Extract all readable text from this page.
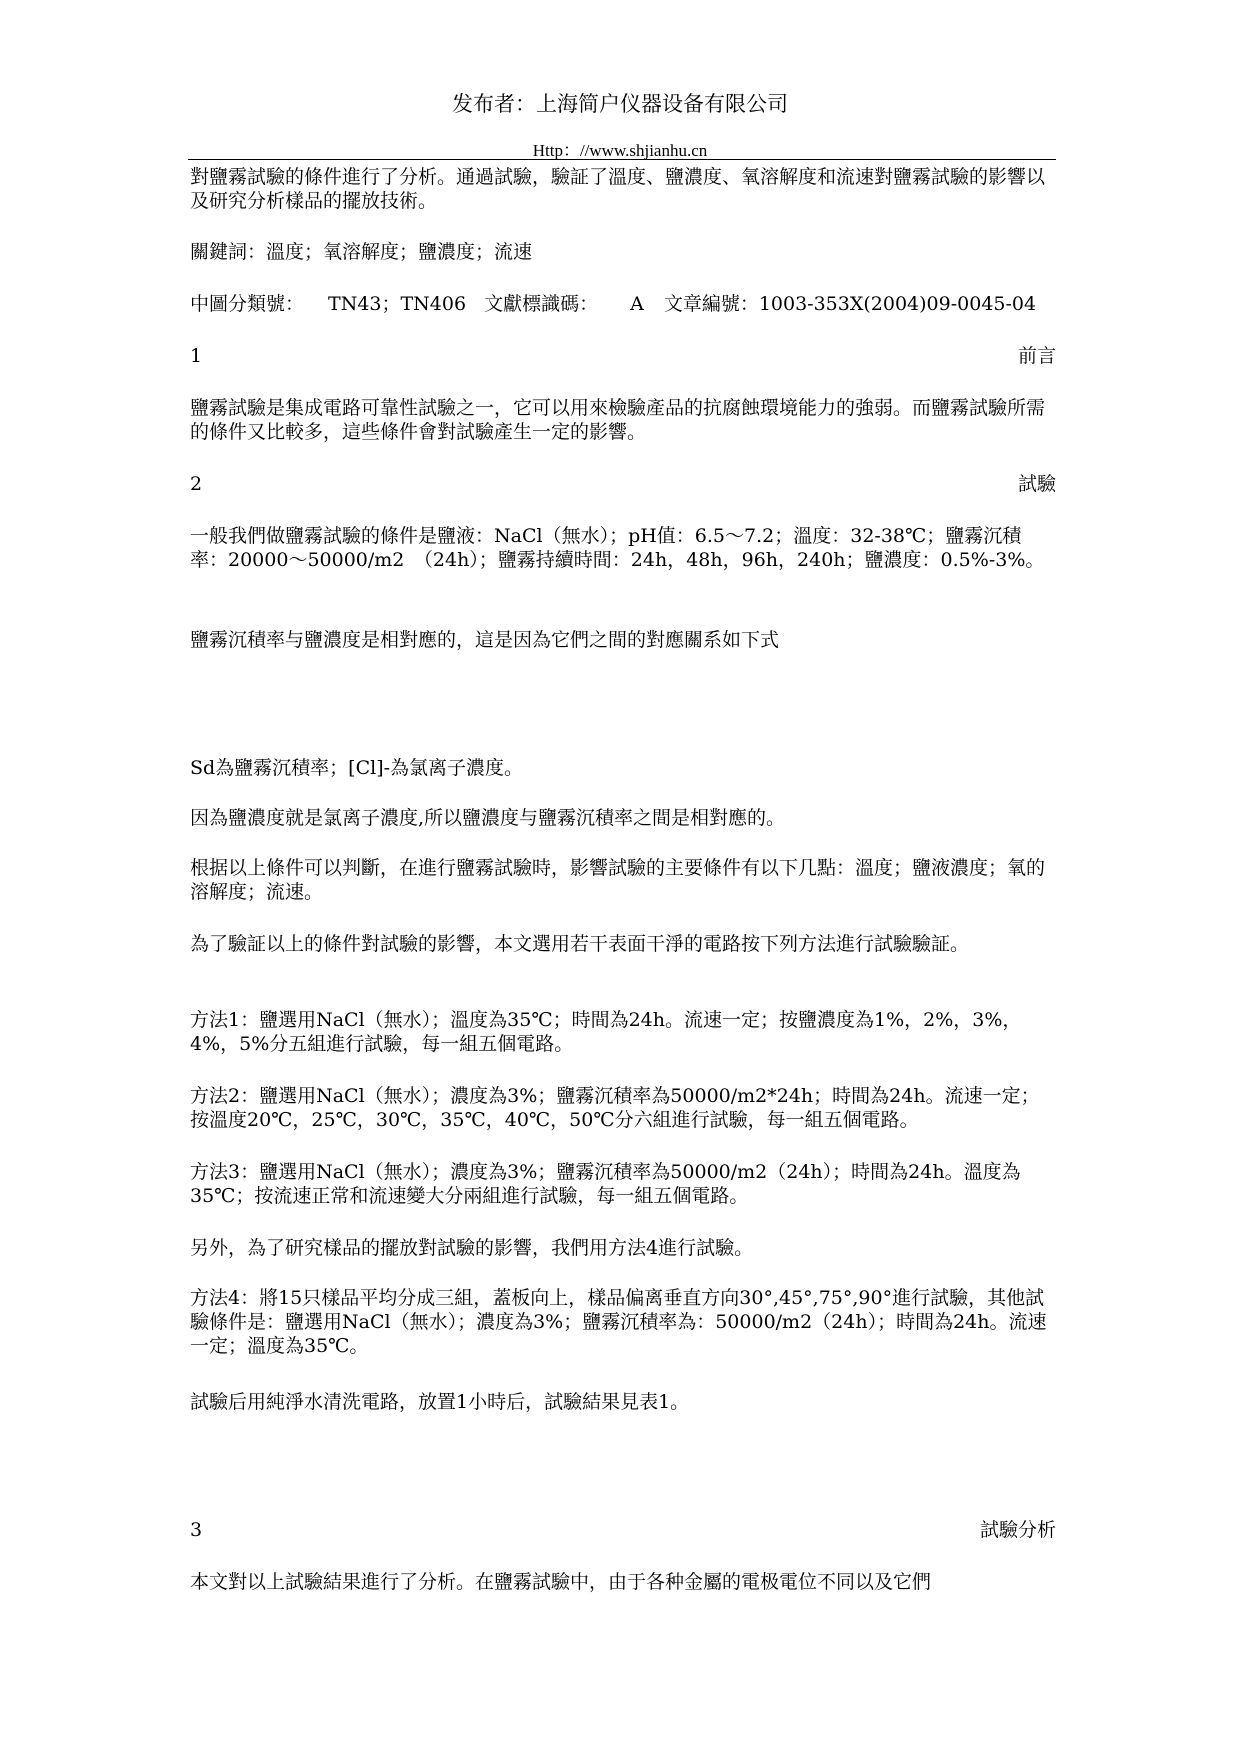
发布者：上海简户仪器设备有限公司
Http：//www.shjianhu.cn

對鹽霧試驗的條件進行了分析。通過試驗，驗証了溫度、鹽濃度、氧溶解度和流速對鹽霧試驗的影響以及研究分析樣品的擺放技術。

關鍵詞：溫度；氧溶解度；鹽濃度；流速

中圖分類號： TN43；TN406 文獻標識碼： A 文章編號：1003-353X(2004)09-0045-04
1	前言

鹽霧試驗是集成電路可靠性試驗之一，它可以用來檢驗產品的抗腐蝕環境能力的強弱。而鹽霧試驗所需的條件又比較多，這些條件會對試驗產生一定的影響。

2	試驗

一般我們做鹽霧試驗的條件是鹽液：NaCl（無水）；pH值：6.5～7.2；溫度：32-38℃；鹽霧沉積率：20000～50000/m2　（24h）；鹽霧持續時間：24h，48h，96h，240h；鹽濃度：0.5%-3%。

鹽霧沉積率与鹽濃度是相對應的，這是因為它們之間的對應關系如下式

Sd為鹽霧沉積率；[Cl]-為氯离子濃度。

因為鹽濃度就是氯离子濃度,所以鹽濃度与鹽霧沉積率之間是相對應的。

根据以上條件可以判斷，在進行鹽霧試驗時，影響試驗的主要條件有以下几點：溫度；鹽液濃度；氧的溶解度；流速。

為了驗証以上的條件對試驗的影響，本文選用若干表面干淨的電路按下列方法進行試驗驗証。

方法1：鹽選用NaCl（無水）；溫度為35℃；時間為24h。流速一定；按鹽濃度為1%，2%，3%，4%，5%分五組進行試驗，每一組五個電路。

方法2：鹽選用NaCl（無水）；濃度為3%；鹽霧沉積率為50000/m2*24h；時間為24h。流速一定；按溫度20℃，25℃，30℃，35℃，40℃，50℃分六組進行試驗，每一組五個電路。

方法3：鹽選用NaCl（無水）；濃度為3%；鹽霧沉積率為50000/m2（24h）；時間為24h。溫度為35℃；按流速正常和流速變大分兩組進行試驗，每一組五個電路。

另外，為了研究樣品的擺放對試驗的影響，我們用方法4進行試驗。

方法4：將15只樣品平均分成三組，蓋板向上，樣品偏离垂直方向30°,45°,75°,90°進行試驗，其他試驗條件是：鹽選用NaCl（無水）；濃度為3%；鹽霧沉積率為：50000/m2（24h）；時間為24h。流速一定；溫度為35℃。

試驗后用純淨水清洗電路，放置1小時后，試驗結果見表1。

3	試驗分析

本文對以上試驗結果進行了分析。在鹽霧試驗中，由于各种金屬的電极電位不同以及它們
